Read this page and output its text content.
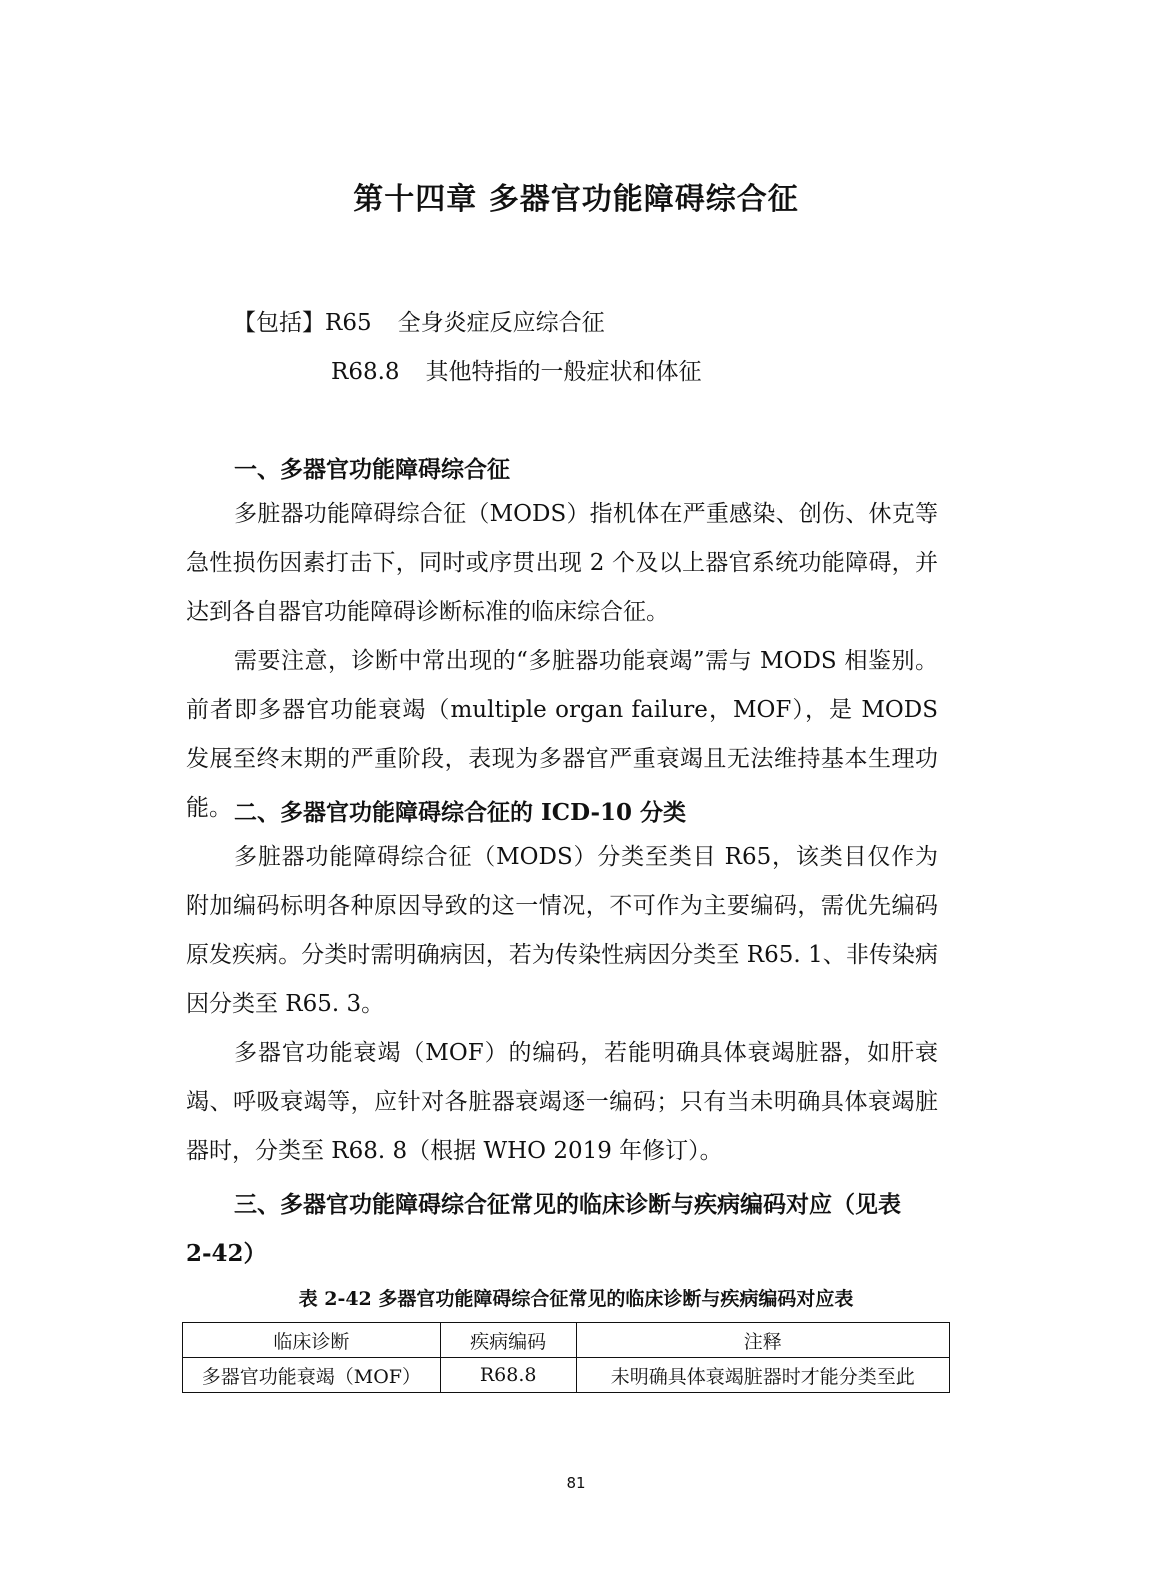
第十四章 多器官功能障碍综合征
【包括】R65 全身炎症反应综合征
R68.8 其他特指的一般症状和体征
一、多器官功能障碍综合征
多脏器功能障碍综合征（MODS）指机体在严重感染、创伤、休克等急性损伤因素打击下，同时或序贯出现 2 个及以上器官系统功能障碍，并达到各自器官功能障碍诊断标准的临床综合征。
需要注意，诊断中常出现的“多脏器功能衰竭”需与 MODS 相鉴别。前者即多器官功能衰竭（multiple organ failure，MOF），是 MODS 发展至终末期的严重阶段，表现为多器官严重衰竭且无法维持基本生理功能。 二、多器官功能障碍综合征的 ICD-10 分类
多脏器功能障碍综合征（MODS）分类至类目 R65，该类目仅作为附加编码标明各种原因导致的这一情况，不可作为主要编码，需优先编码原发疾病。分类时需明确病因，若为传染性病因分类至 R65. 1、非传染病因分类至 R65. 3。
多器官功能衰竭（MOF）的编码，若能明确具体衰竭脏器，如肝衰竭、呼吸衰竭等，应针对各脏器衰竭逐一编码；只有当未明确具体衰竭脏器时，分类至 R68. 8（根据 WHO 2019 年修订）。
三、多器官功能障碍综合征常见的临床诊断与疾病编码对应（见表
2-42）
表 2-42 多器官功能障碍综合征常见的临床诊断与疾病编码对应表
临床诊断	疾病编码	注释
多器官功能衰竭（MOF）	R68.8	未明确具体衰竭脏器时才能分类至此
81
